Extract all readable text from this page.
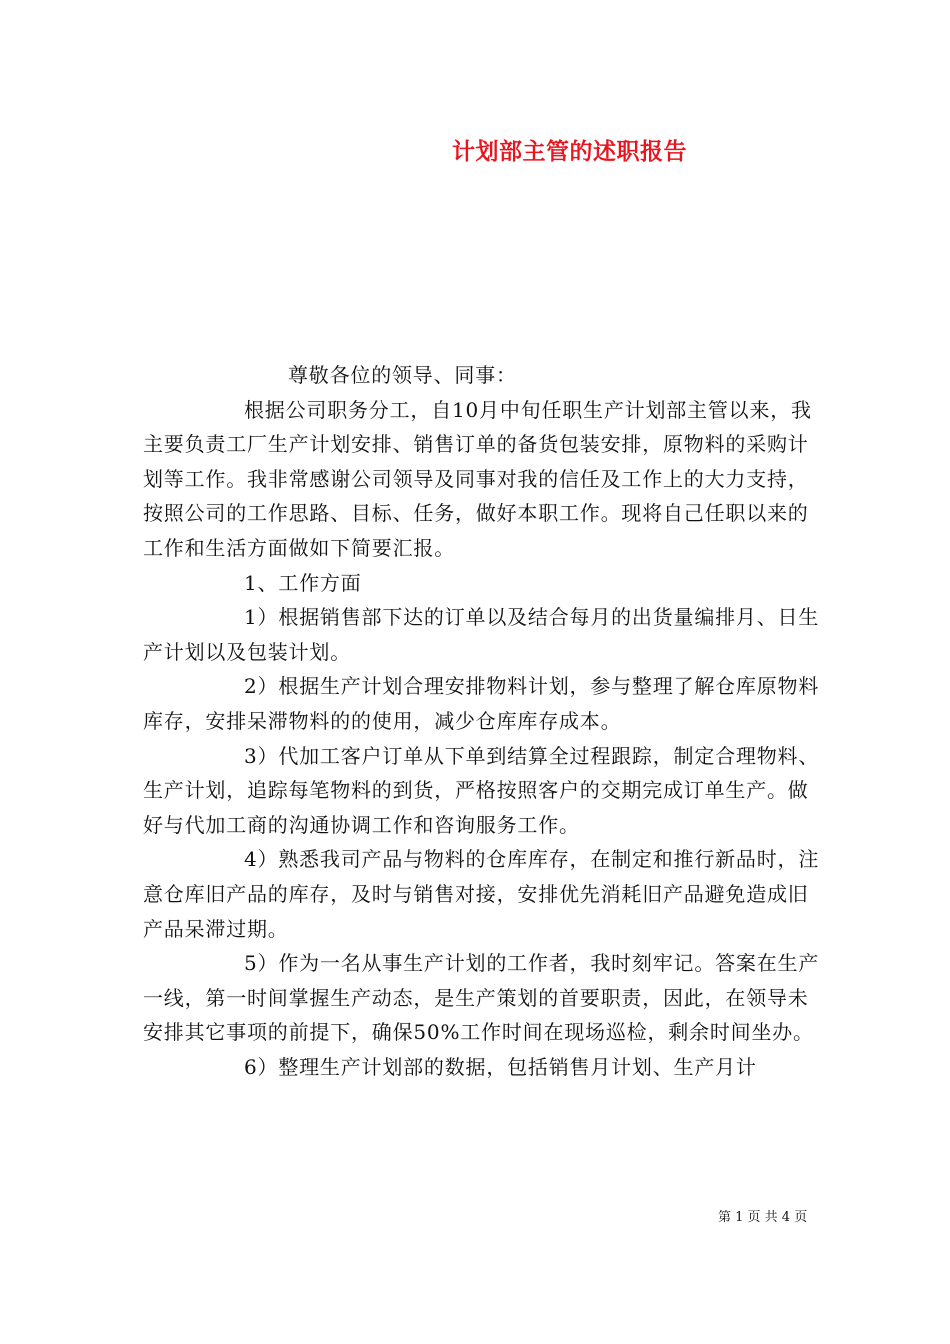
计划部主管的述职报告

尊敬各位的领导、同事：

根据公司职务分工，自10月中旬任职生产计划部主管以来，我主要负责工厂生产计划安排、销售订单的备货包装安排，原物料的采购计划等工作。我非常感谢公司领导及同事对我的信任及工作上的大力支持，按照公司的工作思路、目标、任务，做好本职工作。现将自己任职以来的工作和生活方面做如下简要汇报。

1、工作方面

1）根据销售部下达的订单以及结合每月的出货量编排月、日生产计划以及包装计划。

2）根据生产计划合理安排物料计划，参与整理了解仓库原物料库存，安排呆滞物料的的使用，减少仓库库存成本。

3）代加工客户订单从下单到结算全过程跟踪，制定合理物料、生产计划，追踪每笔物料的到货，严格按照客户的交期完成订单生产。做好与代加工商的沟通协调工作和咨询服务工作。

4）熟悉我司产品与物料的仓库库存，在制定和推行新品时，注意仓库旧产品的库存，及时与销售对接，安排优先消耗旧产品避免造成旧产品呆滞过期。

5）作为一名从事生产计划的工作者，我时刻牢记。答案在生产一线，第一时间掌握生产动态，是生产策划的首要职责，因此，在领导未安排其它事项的前提下，确保50%工作时间在现场巡检，剩余时间坐办。

6）整理生产计划部的数据，包括销售月计划、生产月计

第 1 页 共 4 页
